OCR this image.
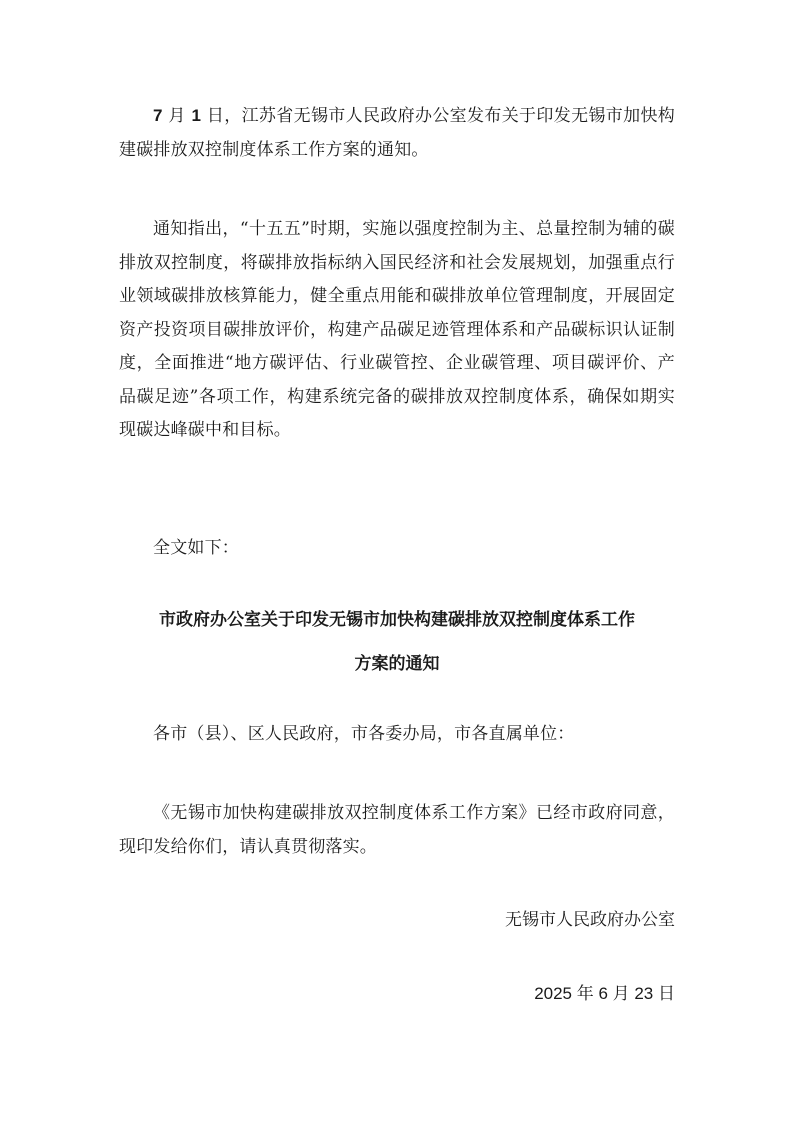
7 月 1 日，江苏省无锡市人民政府办公室发布关于印发无锡市加快构建碳排放双控制度体系工作方案的通知。

通知指出，“十五五”时期，实施以强度控制为主、总量控制为辅的碳排放双控制度，将碳排放指标纳入国民经济和社会发展规划，加强重点行业领域碳排放核算能力，健全重点用能和碳排放单位管理制度，开展固定资产投资项目碳排放评价，构建产品碳足迹管理体系和产品碳标识认证制度，全面推进“地方碳评估、行业碳管控、企业碳管理、项目碳评价、产品碳足迹”各项工作，构建系统完备的碳排放双控制度体系，确保如期实现碳达峰碳中和目标。

全文如下：

市政府办公室关于印发无锡市加快构建碳排放双控制度体系工作
方案的通知

各市（县）、区人民政府，市各委办局，市各直属单位：

《无锡市加快构建碳排放双控制度体系工作方案》已经市政府同意，现印发给你们，请认真贯彻落实。

无锡市人民政府办公室
2025 年 6 月 23 日
